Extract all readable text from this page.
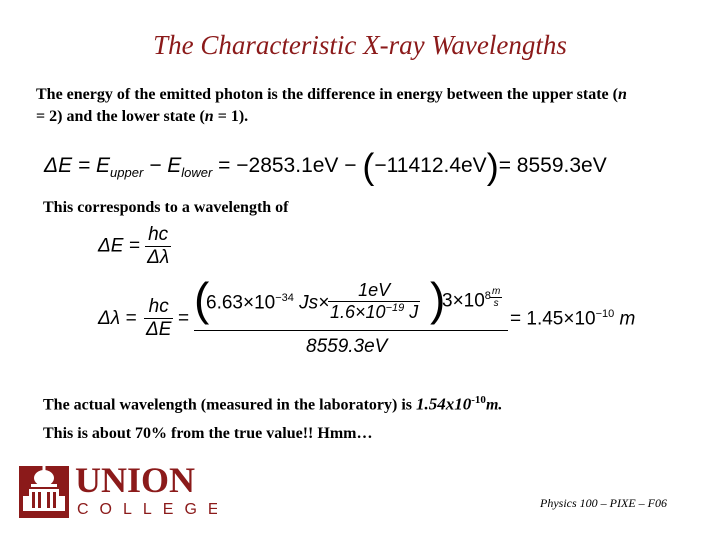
The Characteristic X-ray Wavelengths
The energy of the emitted photon is the difference in energy between the upper state (n = 2) and the lower state (n = 1).
$\Delta E = E_{upper} - E_{lower} = -2853.1eV - (-11412.4eV)= 8559.3eV$
This corresponds to a wavelength of
$\Delta E = \frac{hc}{\Delta\lambda}$
$\Delta\lambda = \frac{hc}{\Delta E}$ = (
$6.63\times 10^{-34}$ Js×
$\frac{1eV}{1.6\times 10^{-19} J}$ )
$3\times 10^8 \frac{m}{s}$
8559.3eV
= $1.45\times 10^{-10}$ m
The actual wavelength (measured in the laboratory) is $1.54x10^{-10}m$.
This is about 70% from the true value!! Hmm…
UNION
COLLEGE	Physics 100 – PIXE – F06
